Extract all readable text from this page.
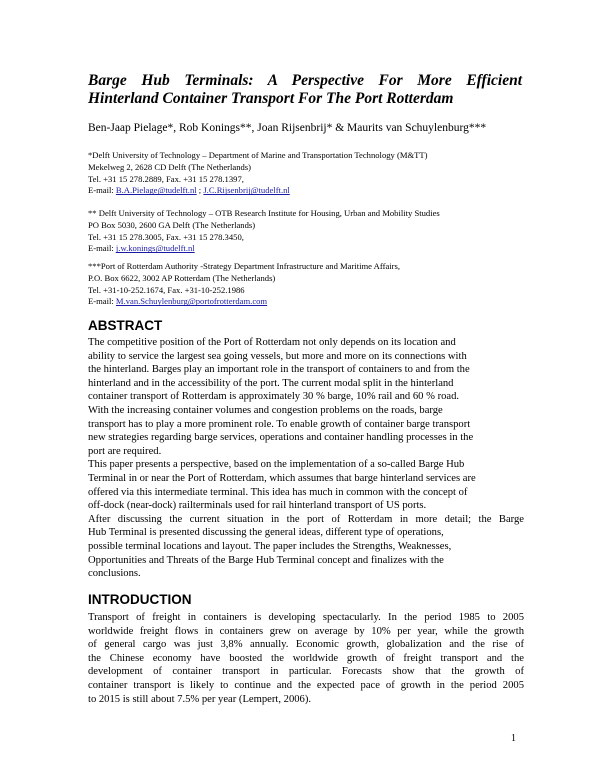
Barge Hub Terminals: A Perspective For More Efficient
Hinterland Container Transport For The Port Rotterdam
Ben-Jaap Pielage*, Rob Konings**, Joan Rijsenbrij* & Maurits van Schuylenburg***
*Delft University of Technology – Department of Marine and Transportation Technology (M&TT)
Mekelweg 2, 2628 CD Delft (The Netherlands)
Tel. +31 15 278.2889, Fax. +31 15 278.1397,
E-mail: B.A.Pielage@tudelft.nl ; J.C.Rijsenbrij@tudelft.nl
** Delft University of Technology – OTB Research Institute for Housing, Urban and Mobility Studies
PO Box 5030, 2600 GA Delft (The Netherlands)
Tel. +31 15 278.3005, Fax. +31 15 278.3450,
E-mail: j.w.konings@tudelft.nl
***Port of Rotterdam Authority -Strategy Department Infrastructure and Maritime Affairs,
P.O. Box 6622, 3002 AP Rotterdam (The Netherlands)
Tel. +31-10-252.1674, Fax. +31-10-252.1986
E-mail: M.van.Schuylenburg@portofrotterdam.com
ABSTRACT
The competitive position of the Port of Rotterdam not only depends on its location and
ability to service the largest sea going vessels, but more and more on its connections with
the hinterland. Barges play an important role in the transport of containers to and from the
hinterland and in the accessibility of the port. The current modal split in the hinterland
container transport of Rotterdam is approximately 30 % barge, 10% rail and 60 % road.
With the increasing container volumes and congestion problems on the roads, barge
transport has to play a more prominent role. To enable growth of container barge transport
new strategies regarding barge services, operations and container handling processes in the
port are required.
This paper presents a perspective, based on the implementation of a so-called Barge Hub
Terminal in or near the Port of Rotterdam, which assumes that barge hinterland services are
offered via this intermediate terminal. This idea has much in common with the concept of
off-dock (near-dock) railterminals used for rail hinterland transport of US ports.
After discussing the current situation in the port of Rotterdam in more detail; the Barge
Hub Terminal is presented discussing the general ideas, different type of operations,
possible terminal locations and layout. The paper includes the Strengths, Weaknesses,
Opportunities and Threats of the Barge Hub Terminal concept and finalizes with the
conclusions.
INTRODUCTION
Transport of freight in containers is developing spectacularly. In the period 1985 to 2005
worldwide freight flows in containers grew on average by 10% per year, while the growth
of general cargo was just 3,8% annually. Economic growth, globalization and the rise of
the Chinese economy have boosted the worldwide growth of freight transport and the
development of container transport in particular. Forecasts show that the growth of
container transport is likely to continue and the expected pace of growth in the period 2005
to 2015 is still about 7.5% per year (Lempert, 2006).
1
